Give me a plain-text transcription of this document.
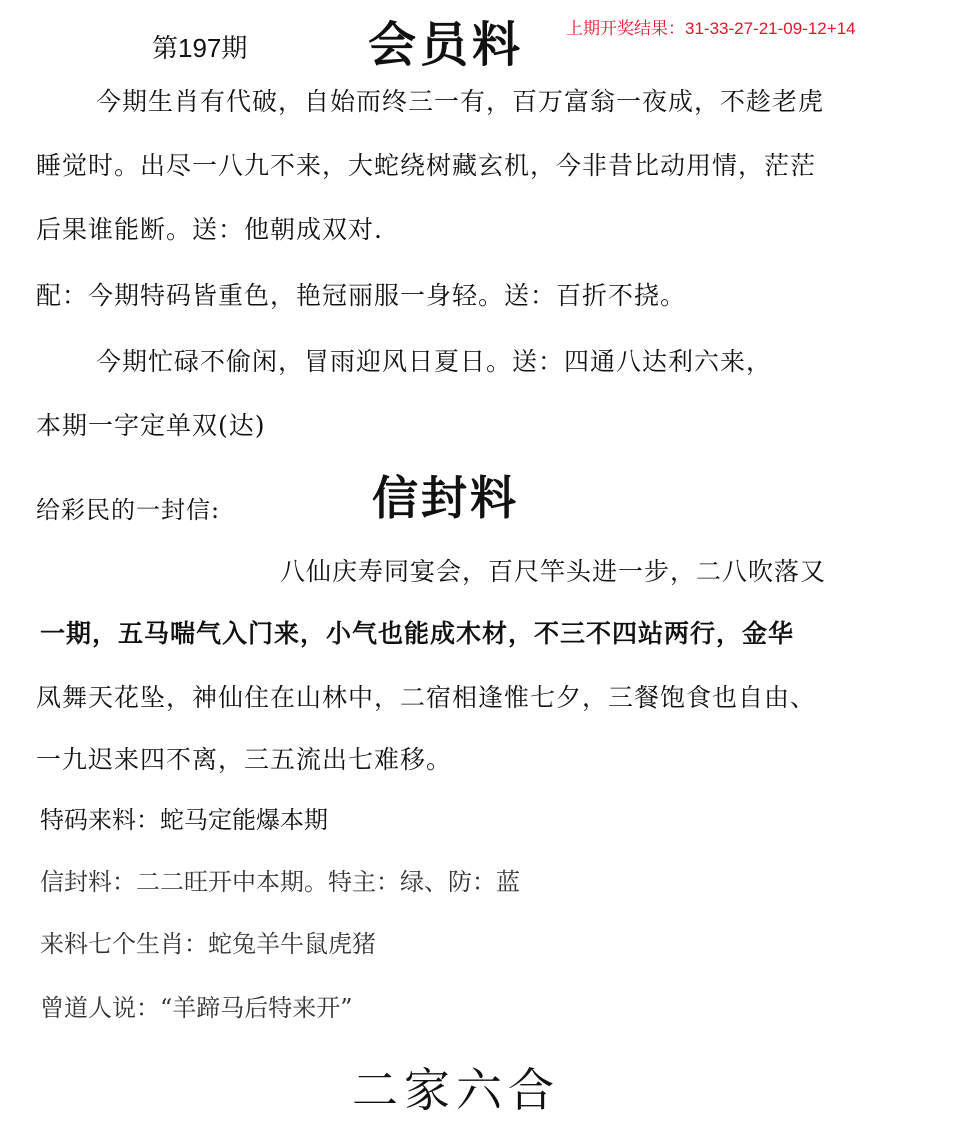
第197期	会员料 上期开奖结果：31-33-27-21-09-12+14
今期生肖有代破，自始而终三一有，百万富翁一夜成，不趁老虎
睡觉时。出尽一八九不来，大蛇绕树藏玄机，今非昔比动用情，茫茫
后果谁能断。送：他朝成双对.
配：今期特码皆重色，艳冠丽服一身轻。送：百折不挠。
今期忙碌不偷闲，冒雨迎风日夏日。送：四通八达利六来，
本期一字定单双(达)
给彩民的一封信:	信封料
八仙庆寿同宴会，百尺竿头进一步，二八吹落又
一期，五马喘气入门来，小气也能成木材，不三不四站两行，金华
凤舞天花坠，神仙住在山林中，二宿相逢惟七夕，三餐饱食也自由、
一九迟来四不离，三五流出七难移。
特码来料：蛇马定能爆本期
信封料：二二旺开中本期。特主：绿、防：蓝
来料七个生肖：蛇兔羊牛鼠虎猪
曾道人说：“羊蹄马后特来开”
二家六合
